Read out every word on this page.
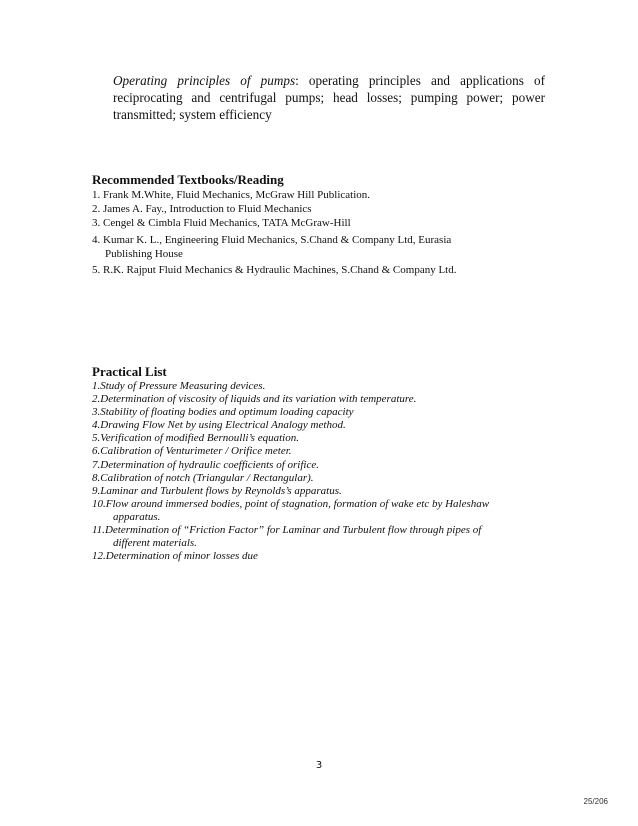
Operating principles of pumps: operating principles and applications of reciprocating and centrifugal pumps; head losses; pumping power; power transmitted; system efficiency
Recommended Textbooks/Reading
1. Frank M.White, Fluid Mechanics, McGraw Hill Publication.
2. James A. Fay., Introduction to Fluid Mechanics
3. Cengel & Cimbla Fluid Mechanics, TATA McGraw-Hill
4. Kumar K. L., Engineering Fluid Mechanics, S.Chand & Company Ltd, Eurasia
Publishing House
5. R.K. Rajput Fluid Mechanics & Hydraulic Machines, S.Chand & Company Ltd.
Practical List
1. Study of Pressure Measuring devices.
2. Determination of viscosity of liquids and its variation with temperature.
3. Stability of floating bodies and optimum loading capacity
4. Drawing Flow Net by using Electrical Analogy method.
5. Verification of modified Bernoulli’s equation.
6. Calibration of Venturimeter / Orifice meter.
7. Determination of hydraulic coefficients of orifice.
8. Calibration of notch (Triangular / Rectangular).
9. Laminar and Turbulent flows by Reynolds’s apparatus.
10. Flow around immersed bodies, point of stagnation, formation of wake etc by Haleshaw
apparatus.
11. Determination of “Friction Factor” for Laminar and Turbulent flow through pipes of
different materials.
12. Determination of minor losses due
3
25/206
